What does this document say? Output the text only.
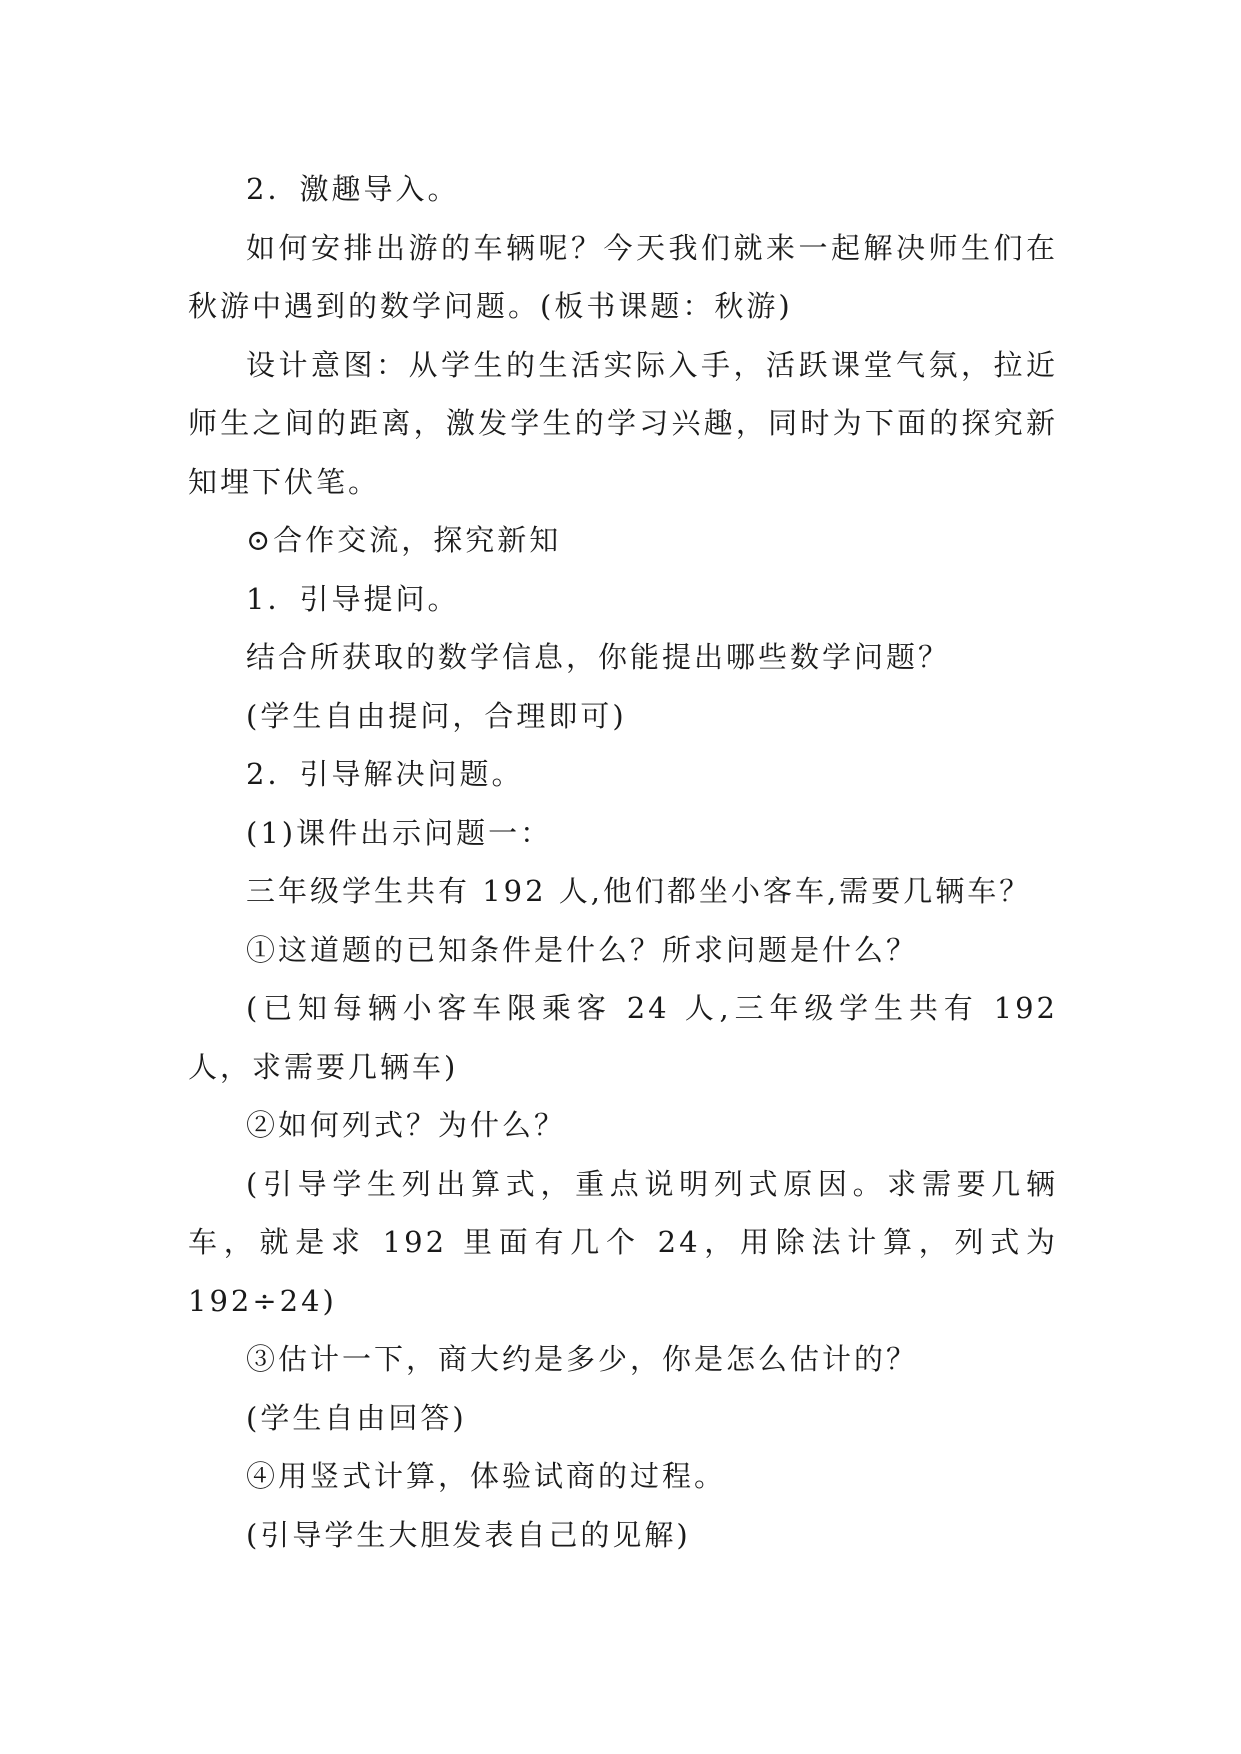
2．激趣导入。

如何安排出游的车辆呢？今天我们就来一起解决师生们在秋游中遇到的数学问题。(板书课题：秋游)

设计意图：从学生的生活实际入手，活跃课堂气氛，拉近师生之间的距离，激发学生的学习兴趣，同时为下面的探究新知埋下伏笔。

⊙合作交流，探究新知

1．引导提问。

结合所获取的数学信息，你能提出哪些数学问题？

(学生自由提问，合理即可)

2．引导解决问题。

(1)课件出示问题一：

三年级学生共有 192 人,他们都坐小客车,需要几辆车？

①这道题的已知条件是什么？所求问题是什么？

(已知每辆小客车限乘客 24 人,三年级学生共有 192 人，求需要几辆车)

②如何列式？为什么？

(引导学生列出算式，重点说明列式原因。求需要几辆车，就是求 192 里面有几个 24，用除法计算，列式为 192÷24)

③估计一下，商大约是多少，你是怎么估计的？

(学生自由回答)

④用竖式计算，体验试商的过程。

(引导学生大胆发表自己的见解)
